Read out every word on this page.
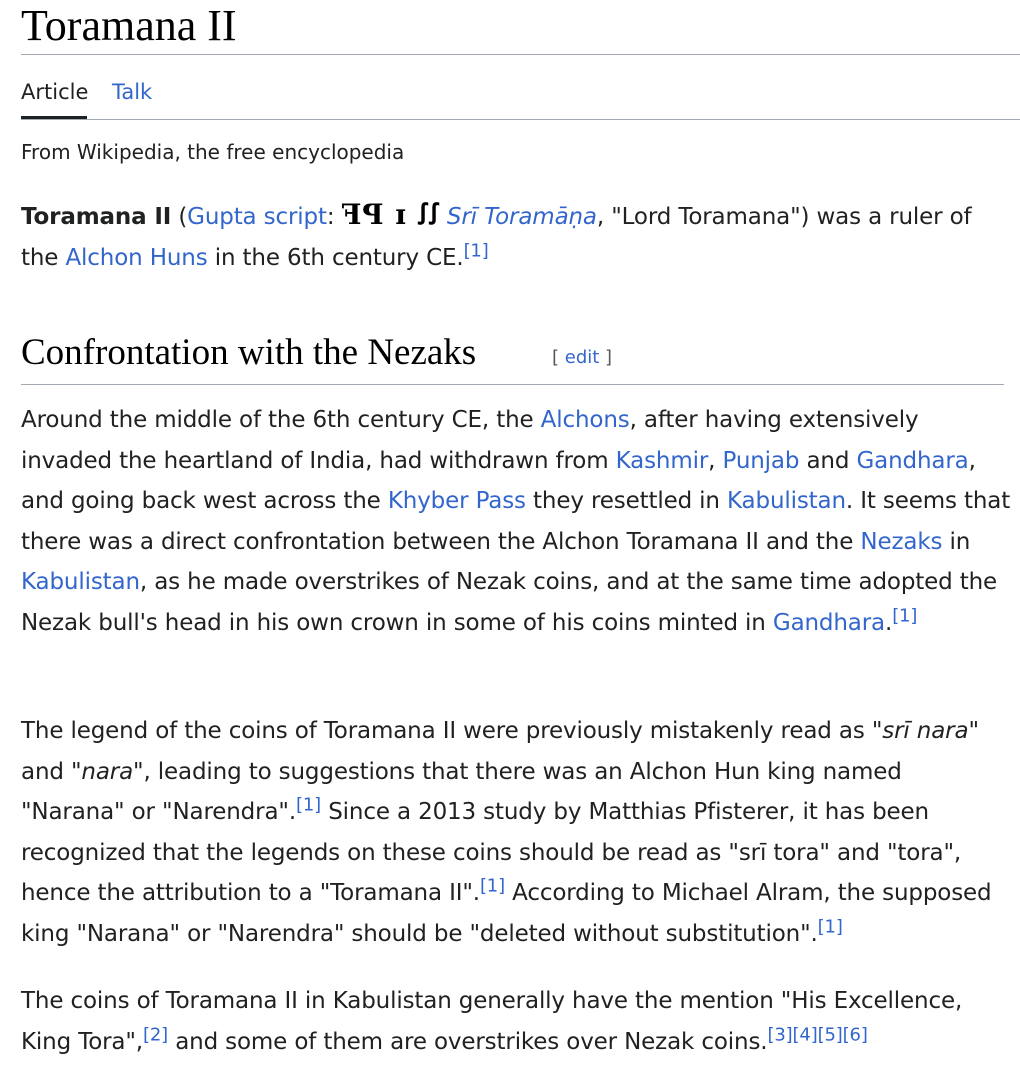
Toramana II
Article Talk
From Wikipedia, the free encyclopedia

Toramana II (Gupta script: ꟻꟼ ɪ ꭍꭍ Srī Toramāṇa, "Lord Toramana") was a ruler of the Alchon Huns in the 6th century CE.[1]

Confrontation with the Nezaks	[ edit ]

Around the middle of the 6th century CE, the Alchons, after having extensively invaded the heartland of India, had withdrawn from Kashmir, Punjab and Gandhara, and going back west across the Khyber Pass they resettled in Kabulistan. It seems that there was a direct confrontation between the Alchon Toramana II and the Nezaks in Kabulistan, as he made overstrikes of Nezak coins, and at the same time adopted the Nezak bull's head in his own crown in some of his coins minted in Gandhara.[1]

The legend of the coins of Toramana II were previously mistakenly read as "srī nara" and "nara", leading to suggestions that there was an Alchon Hun king named "Narana" or "Narendra".[1] Since a 2013 study by Matthias Pfisterer, it has been recognized that the legends on these coins should be read as "srī tora" and "tora", hence the attribution to a "Toramana II".[1] According to Michael Alram, the supposed king "Narana" or "Narendra" should be "deleted without substitution".[1]

The coins of Toramana II in Kabulistan generally have the mention "His Excellence, King Tora",[2] and some of them are overstrikes over Nezak coins.[3][4][5][6]
